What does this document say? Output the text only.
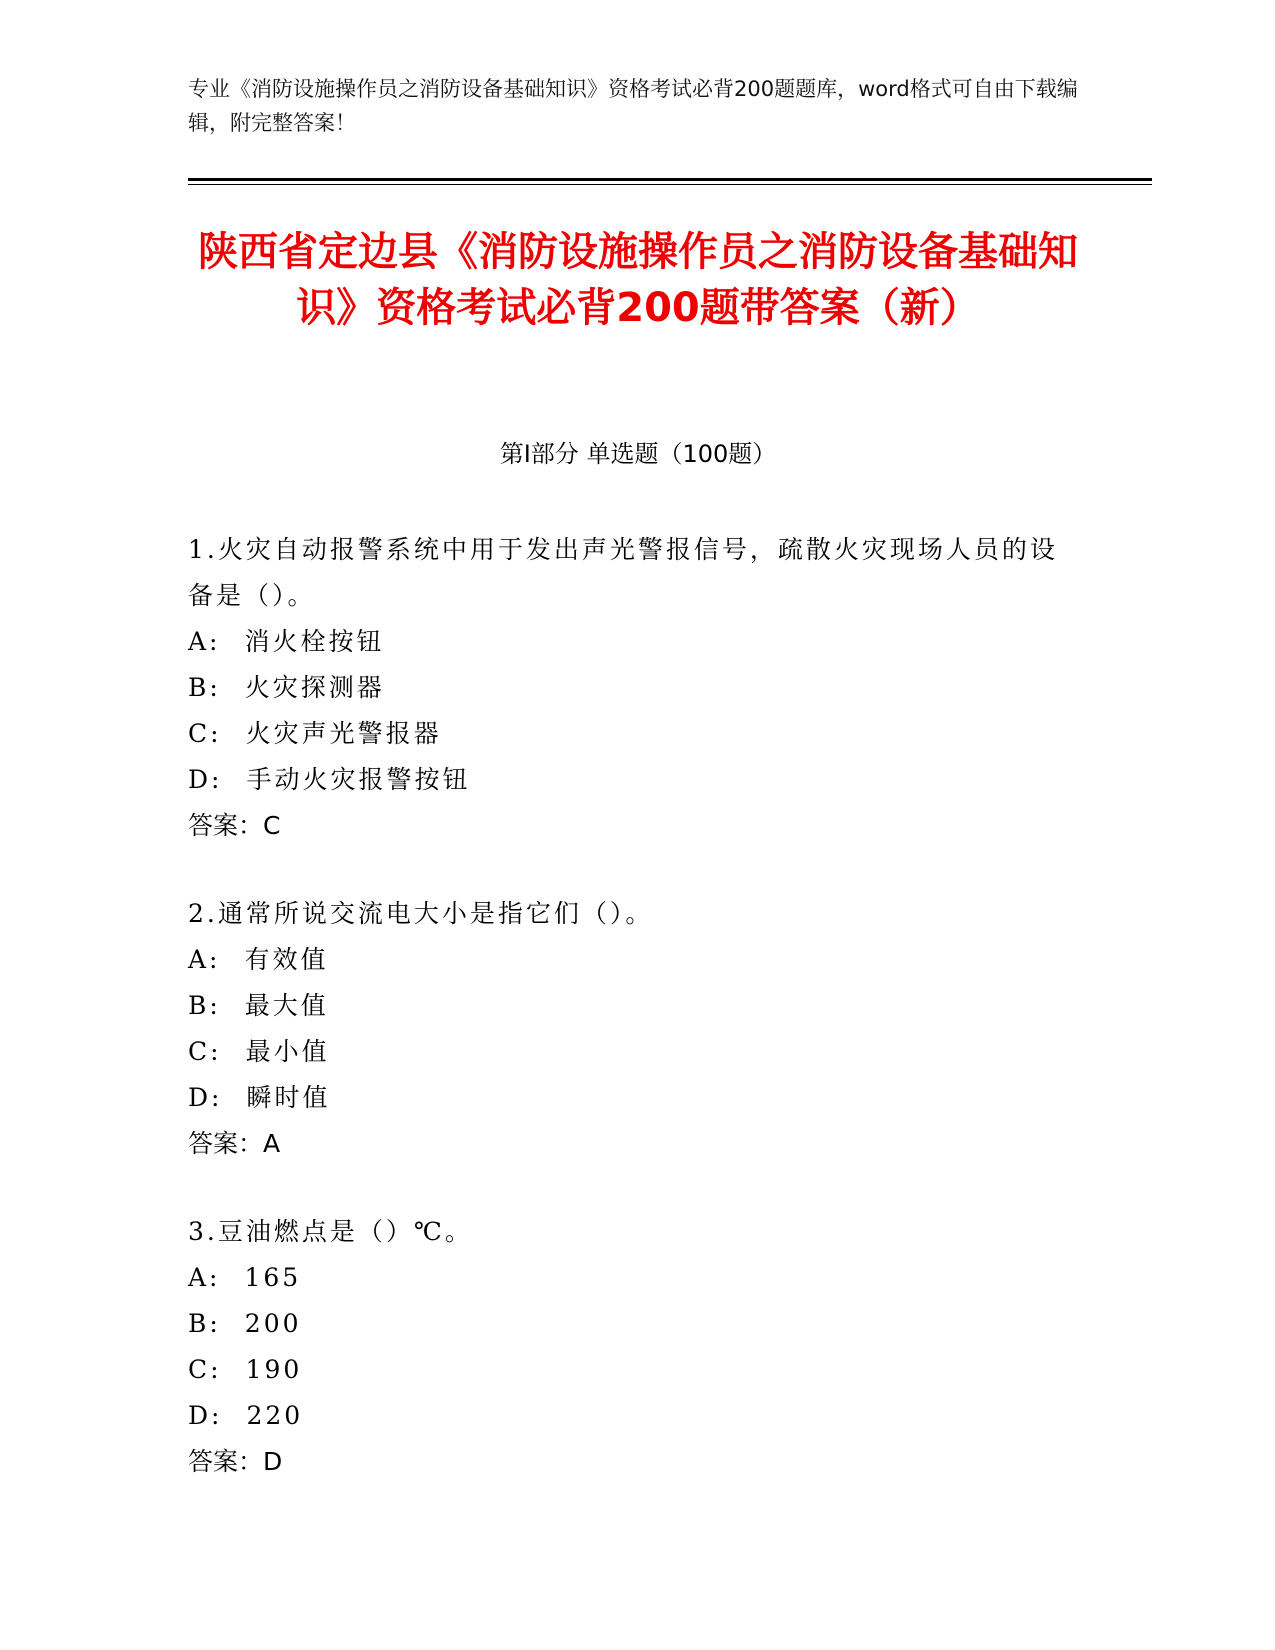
专业《消防设施操作员之消防设备基础知识》资格考试必背200题题库，word格式可自由下载编辑，附完整答案！
陕西省定边县《消防设施操作员之消防设备基础知识》资格考试必背200题带答案（新）
第I部分 单选题（100题）

1.火灾自动报警系统中用于发出声光警报信号，疏散火灾现场人员的设备是（）。

A: 消火栓按钮

B: 火灾探测器

C: 火灾声光警报器

D: 手动火灾报警按钮

答案：C

2.通常所说交流电大小是指它们（）。

A: 有效值

B: 最大值

C: 最小值

D: 瞬时值

答案：A

3.豆油燃点是（）℃。

A: 165

B: 200

C: 190

D: 220

答案：D
